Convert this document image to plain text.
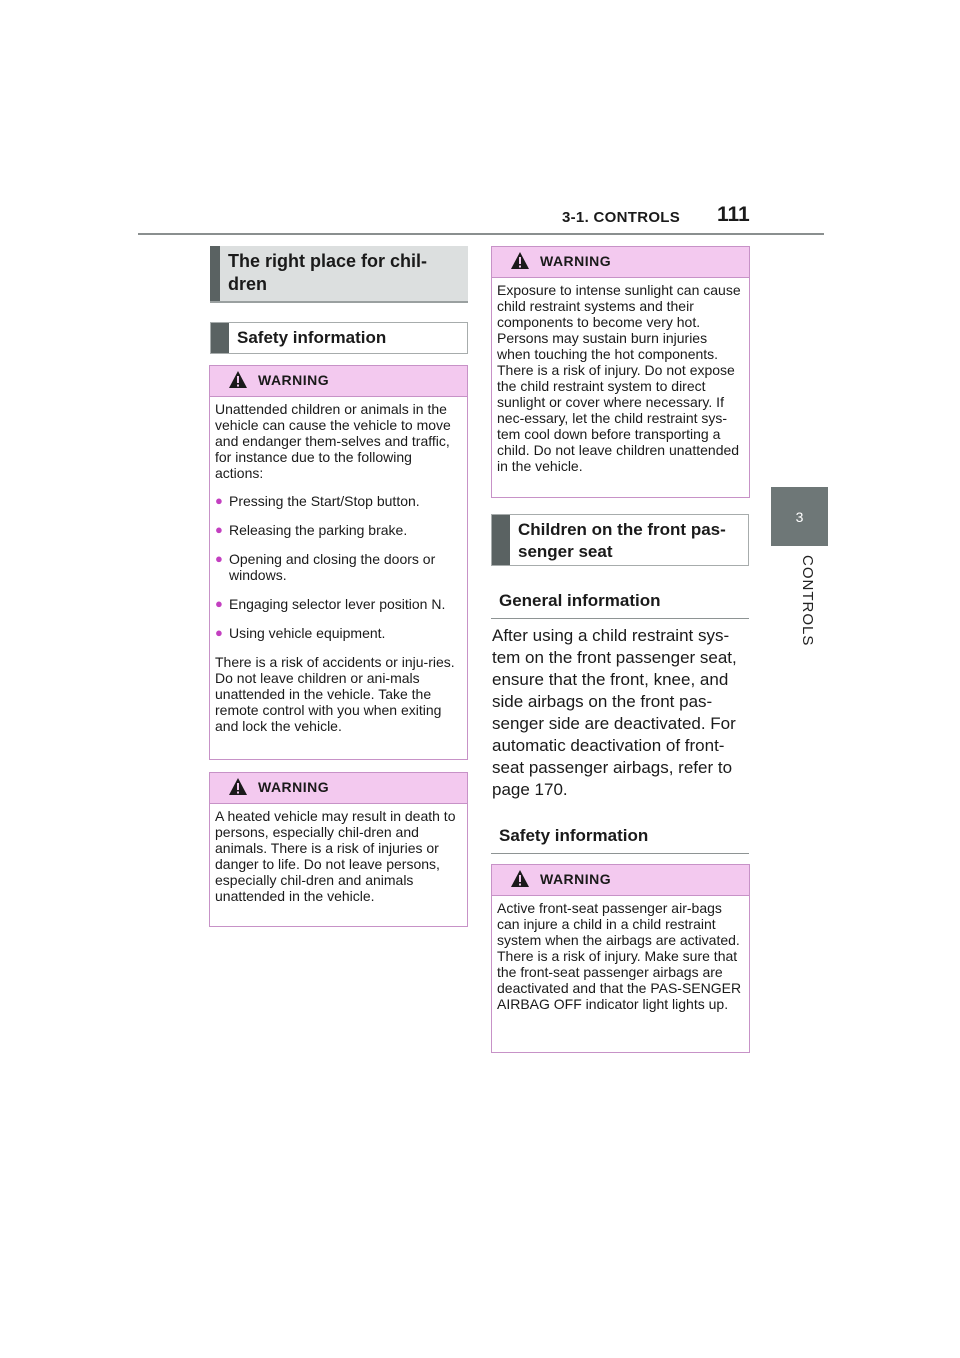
3-1. CONTROLS 111
3
CONTROLS
The right place for chil-
dren
Safety information
WARNING

Unattended children or animals in the vehicle can cause the vehicle to move and endanger them-selves and traffic, for instance due to the following actions:

● Pressing the Start/Stop button.
● Releasing the parking brake.
● Opening and closing the doors or windows.
● Engaging selector lever position N.
● Using vehicle equipment.

There is a risk of accidents or inju-ries. Do not leave children or ani-mals unattended in the vehicle. Take the remote control with you when exiting and lock the vehicle.

WARNING

A heated vehicle may result in death to persons, especially chil-dren and animals. There is a risk of injuries or danger to life. Do not leave persons, especially chil-dren and animals unattended in the vehicle.

WARNING

Exposure to intense sunlight can cause child restraint systems and their components to become very hot. Persons may sustain burn injuries when touching the hot components. There is a risk of injury. Do not expose the child restraint system to direct sunlight or cover where necessary. If nec-essary, let the child restraint sys-tem cool down before transporting a child. Do not leave children unattended in the vehicle.

Children on the front pas-
senger seat
General information
After using a child restraint sys-tem on the front passenger seat, ensure that the front, knee, and side airbags on the front pas-senger side are deactivated. For automatic deactivation of front-seat passenger airbags, refer to page 170.
Safety information
WARNING

Active front-seat passenger air-bags can injure a child in a child restraint system when the airbags are activated. There is a risk of injury. Make sure that the front-seat passenger airbags are deactivated and that the PAS-SENGER AIRBAG OFF indicator light lights up.
